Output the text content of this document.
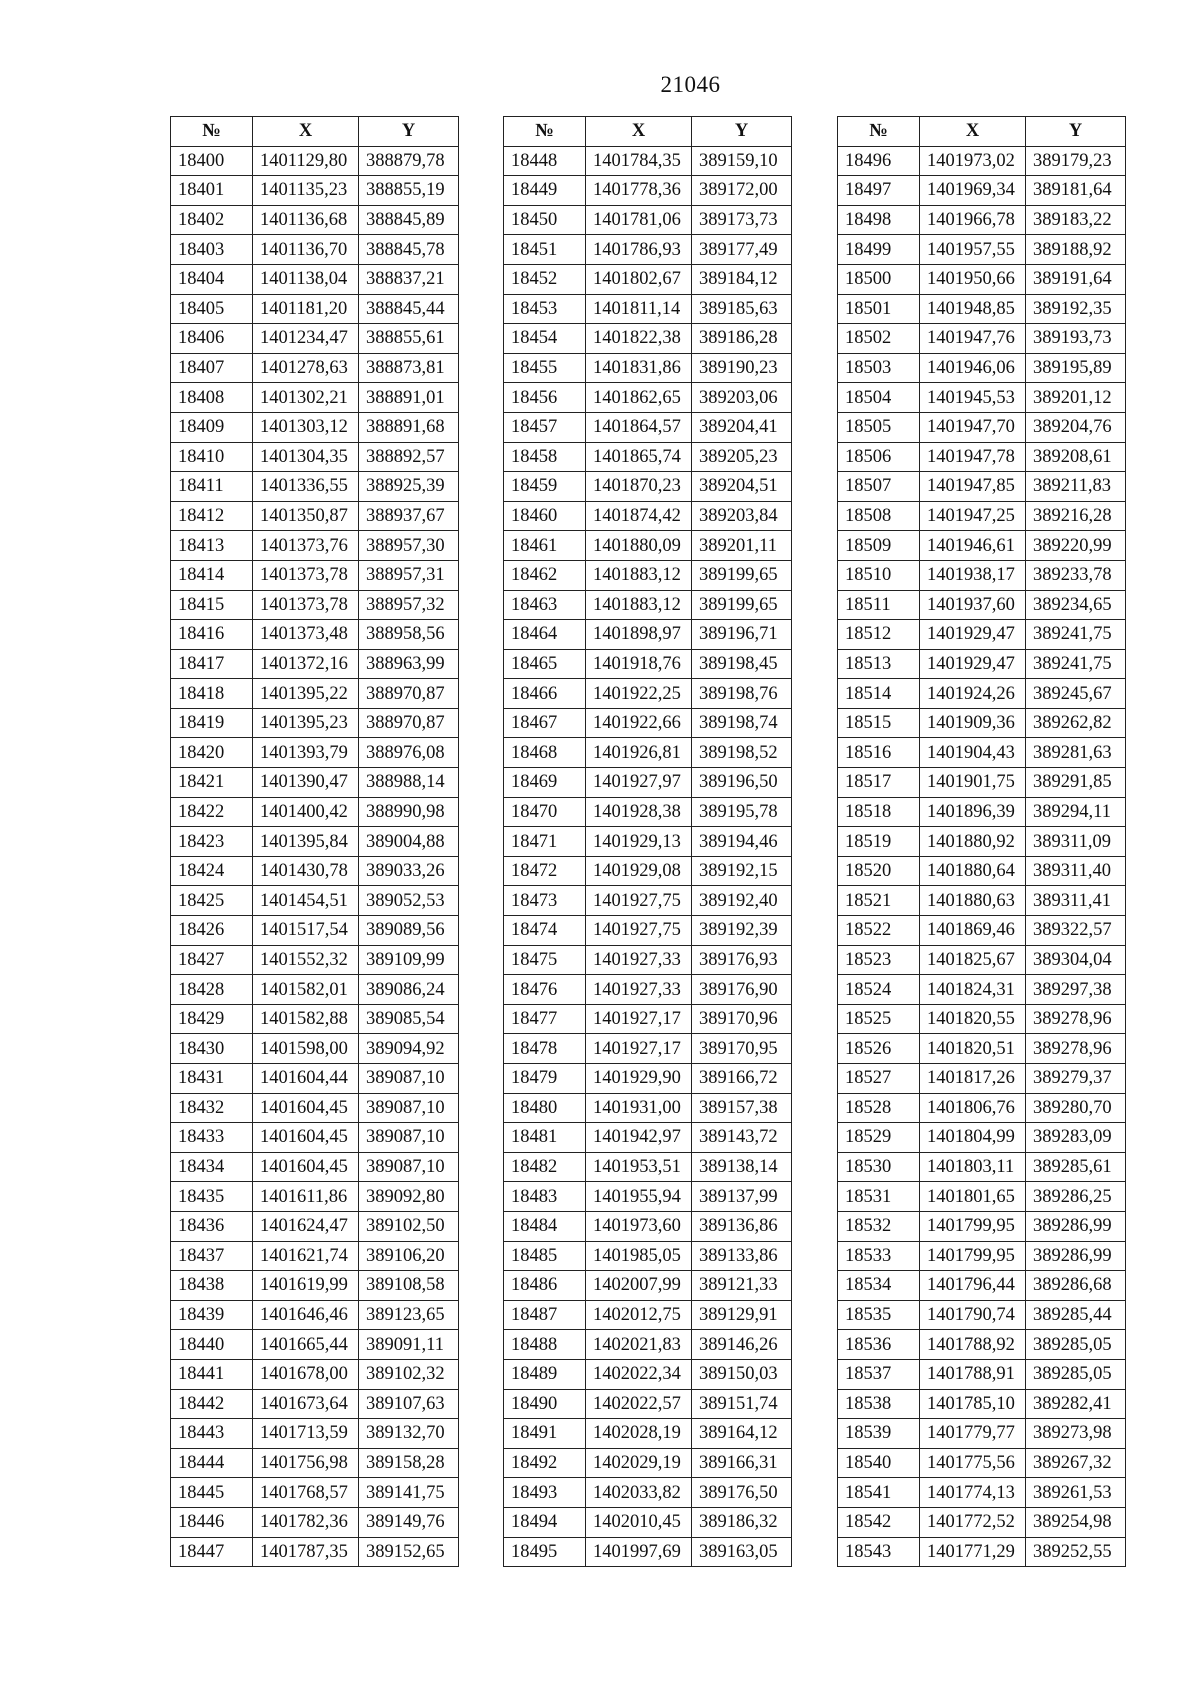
21046
№	X	Y
18400	1401129,80	388879,78
18401	1401135,23	388855,19
18402	1401136,68	388845,89
18403	1401136,70	388845,78
18404	1401138,04	388837,21
18405	1401181,20	388845,44
18406	1401234,47	388855,61
18407	1401278,63	388873,81
18408	1401302,21	388891,01
18409	1401303,12	388891,68
18410	1401304,35	388892,57
18411	1401336,55	388925,39
18412	1401350,87	388937,67
18413	1401373,76	388957,30
18414	1401373,78	388957,31
18415	1401373,78	388957,32
18416	1401373,48	388958,56
18417	1401372,16	388963,99
18418	1401395,22	388970,87
18419	1401395,23	388970,87
18420	1401393,79	388976,08
18421	1401390,47	388988,14
18422	1401400,42	388990,98
18423	1401395,84	389004,88
18424	1401430,78	389033,26
18425	1401454,51	389052,53
18426	1401517,54	389089,56
18427	1401552,32	389109,99
18428	1401582,01	389086,24
18429	1401582,88	389085,54
18430	1401598,00	389094,92
18431	1401604,44	389087,10
18432	1401604,45	389087,10
18433	1401604,45	389087,10
18434	1401604,45	389087,10
18435	1401611,86	389092,80
18436	1401624,47	389102,50
18437	1401621,74	389106,20
18438	1401619,99	389108,58
18439	1401646,46	389123,65
18440	1401665,44	389091,11
18441	1401678,00	389102,32
18442	1401673,64	389107,63
18443	1401713,59	389132,70
18444	1401756,98	389158,28
18445	1401768,57	389141,75
18446	1401782,36	389149,76
18447	1401787,35	389152,65
№	X	Y
18448	1401784,35	389159,10
18449	1401778,36	389172,00
18450	1401781,06	389173,73
18451	1401786,93	389177,49
18452	1401802,67	389184,12
18453	1401811,14	389185,63
18454	1401822,38	389186,28
18455	1401831,86	389190,23
18456	1401862,65	389203,06
18457	1401864,57	389204,41
18458	1401865,74	389205,23
18459	1401870,23	389204,51
18460	1401874,42	389203,84
18461	1401880,09	389201,11
18462	1401883,12	389199,65
18463	1401883,12	389199,65
18464	1401898,97	389196,71
18465	1401918,76	389198,45
18466	1401922,25	389198,76
18467	1401922,66	389198,74
18468	1401926,81	389198,52
18469	1401927,97	389196,50
18470	1401928,38	389195,78
18471	1401929,13	389194,46
18472	1401929,08	389192,15
18473	1401927,75	389192,40
18474	1401927,75	389192,39
18475	1401927,33	389176,93
18476	1401927,33	389176,90
18477	1401927,17	389170,96
18478	1401927,17	389170,95
18479	1401929,90	389166,72
18480	1401931,00	389157,38
18481	1401942,97	389143,72
18482	1401953,51	389138,14
18483	1401955,94	389137,99
18484	1401973,60	389136,86
18485	1401985,05	389133,86
18486	1402007,99	389121,33
18487	1402012,75	389129,91
18488	1402021,83	389146,26
18489	1402022,34	389150,03
18490	1402022,57	389151,74
18491	1402028,19	389164,12
18492	1402029,19	389166,31
18493	1402033,82	389176,50
18494	1402010,45	389186,32
18495	1401997,69	389163,05
№	X	Y
18496	1401973,02	389179,23
18497	1401969,34	389181,64
18498	1401966,78	389183,22
18499	1401957,55	389188,92
18500	1401950,66	389191,64
18501	1401948,85	389192,35
18502	1401947,76	389193,73
18503	1401946,06	389195,89
18504	1401945,53	389201,12
18505	1401947,70	389204,76
18506	1401947,78	389208,61
18507	1401947,85	389211,83
18508	1401947,25	389216,28
18509	1401946,61	389220,99
18510	1401938,17	389233,78
18511	1401937,60	389234,65
18512	1401929,47	389241,75
18513	1401929,47	389241,75
18514	1401924,26	389245,67
18515	1401909,36	389262,82
18516	1401904,43	389281,63
18517	1401901,75	389291,85
18518	1401896,39	389294,11
18519	1401880,92	389311,09
18520	1401880,64	389311,40
18521	1401880,63	389311,41
18522	1401869,46	389322,57
18523	1401825,67	389304,04
18524	1401824,31	389297,38
18525	1401820,55	389278,96
18526	1401820,51	389278,96
18527	1401817,26	389279,37
18528	1401806,76	389280,70
18529	1401804,99	389283,09
18530	1401803,11	389285,61
18531	1401801,65	389286,25
18532	1401799,95	389286,99
18533	1401799,95	389286,99
18534	1401796,44	389286,68
18535	1401790,74	389285,44
18536	1401788,92	389285,05
18537	1401788,91	389285,05
18538	1401785,10	389282,41
18539	1401779,77	389273,98
18540	1401775,56	389267,32
18541	1401774,13	389261,53
18542	1401772,52	389254,98
18543	1401771,29	389252,55
